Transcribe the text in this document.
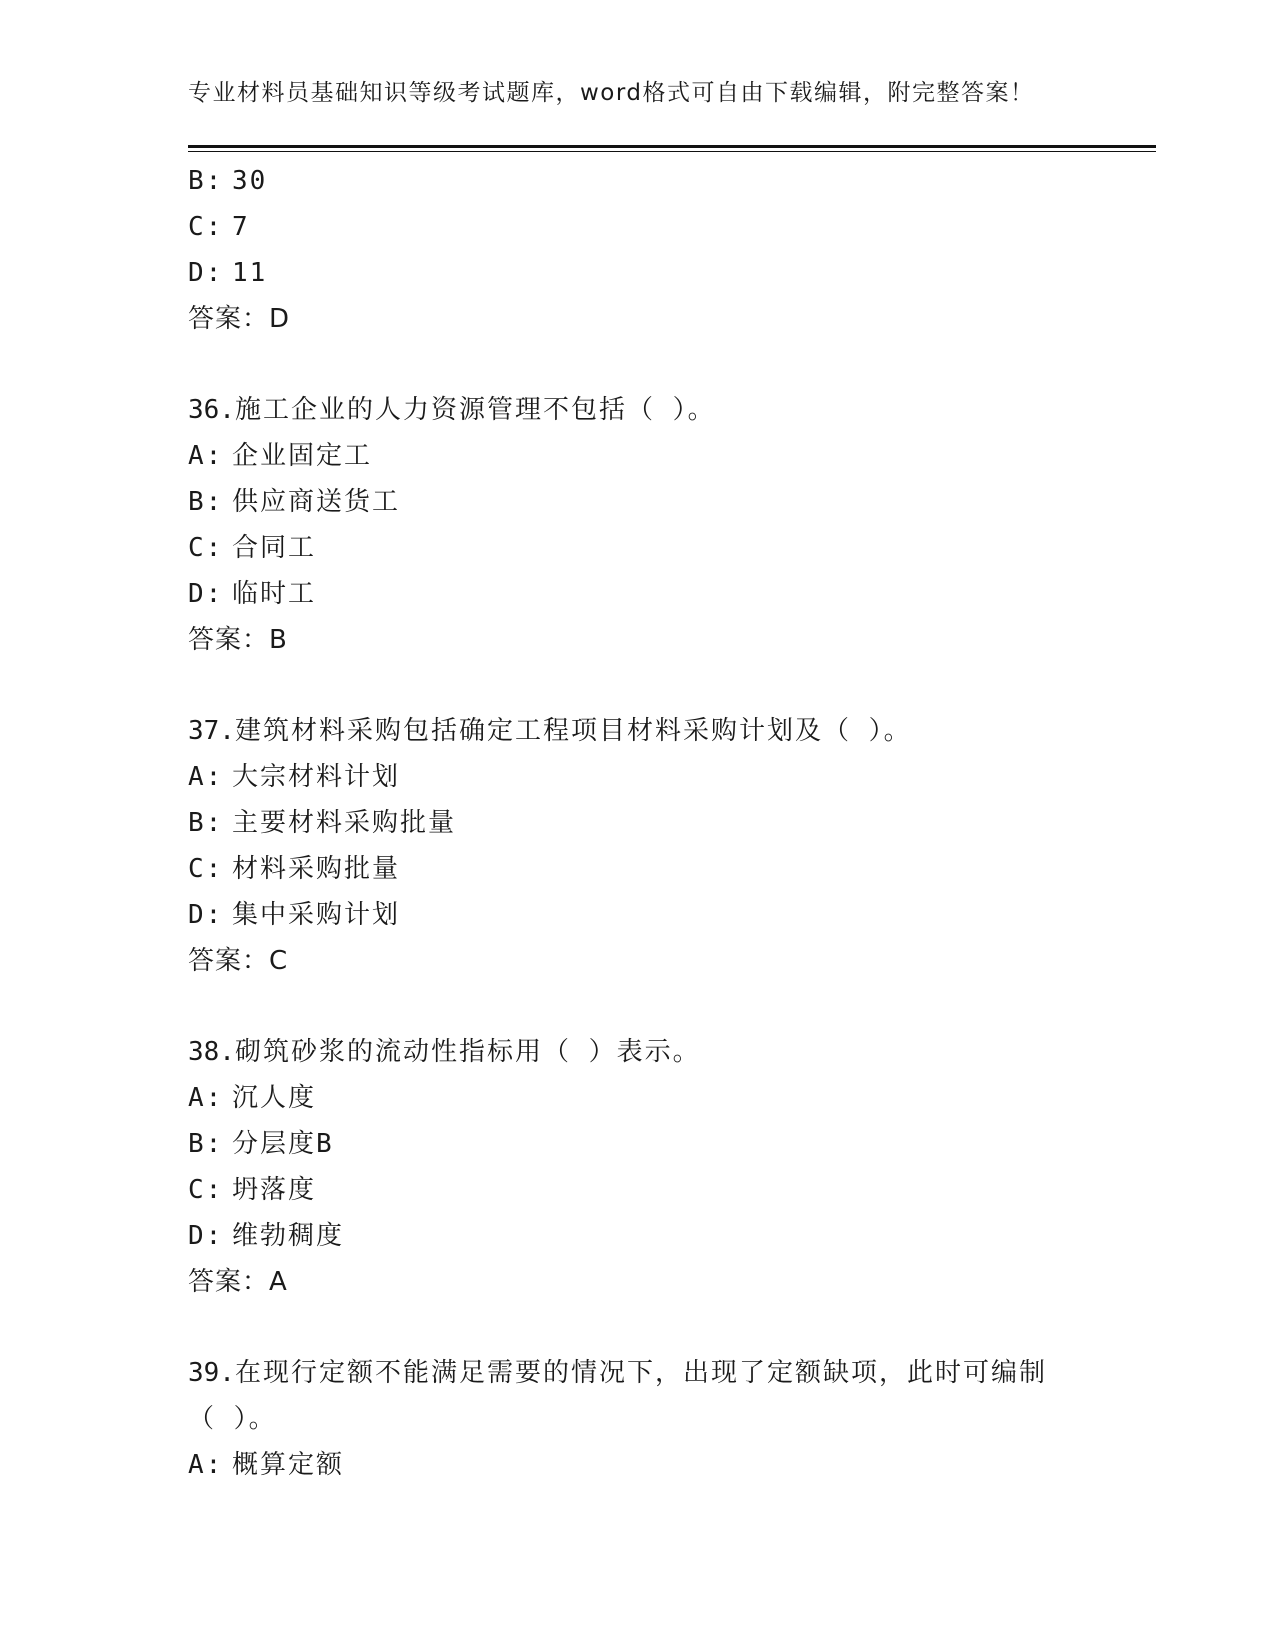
专业材料员基础知识等级考试题库，word格式可自由下载编辑，附完整答案！
B: 30
C: 7
D: 11
答案：D
36.施工企业的人力资源管理不包括（ ）。
A: 企业固定工
B: 供应商送货工
C: 合同工
D: 临时工
答案：B
37.建筑材料采购包括确定工程项目材料采购计划及（ ）。
A: 大宗材料计划
B: 主要材料采购批量
C: 材料采购批量
D: 集中采购计划
答案：C
38.砌筑砂浆的流动性指标用（ ）表示。
A: 沉人度
B: 分层度B
C: 坍落度
D: 维勃稠度
答案：A
39.在现行定额不能满足需要的情况下，出现了定额缺项，此时可编制
（ ）。
A: 概算定额
